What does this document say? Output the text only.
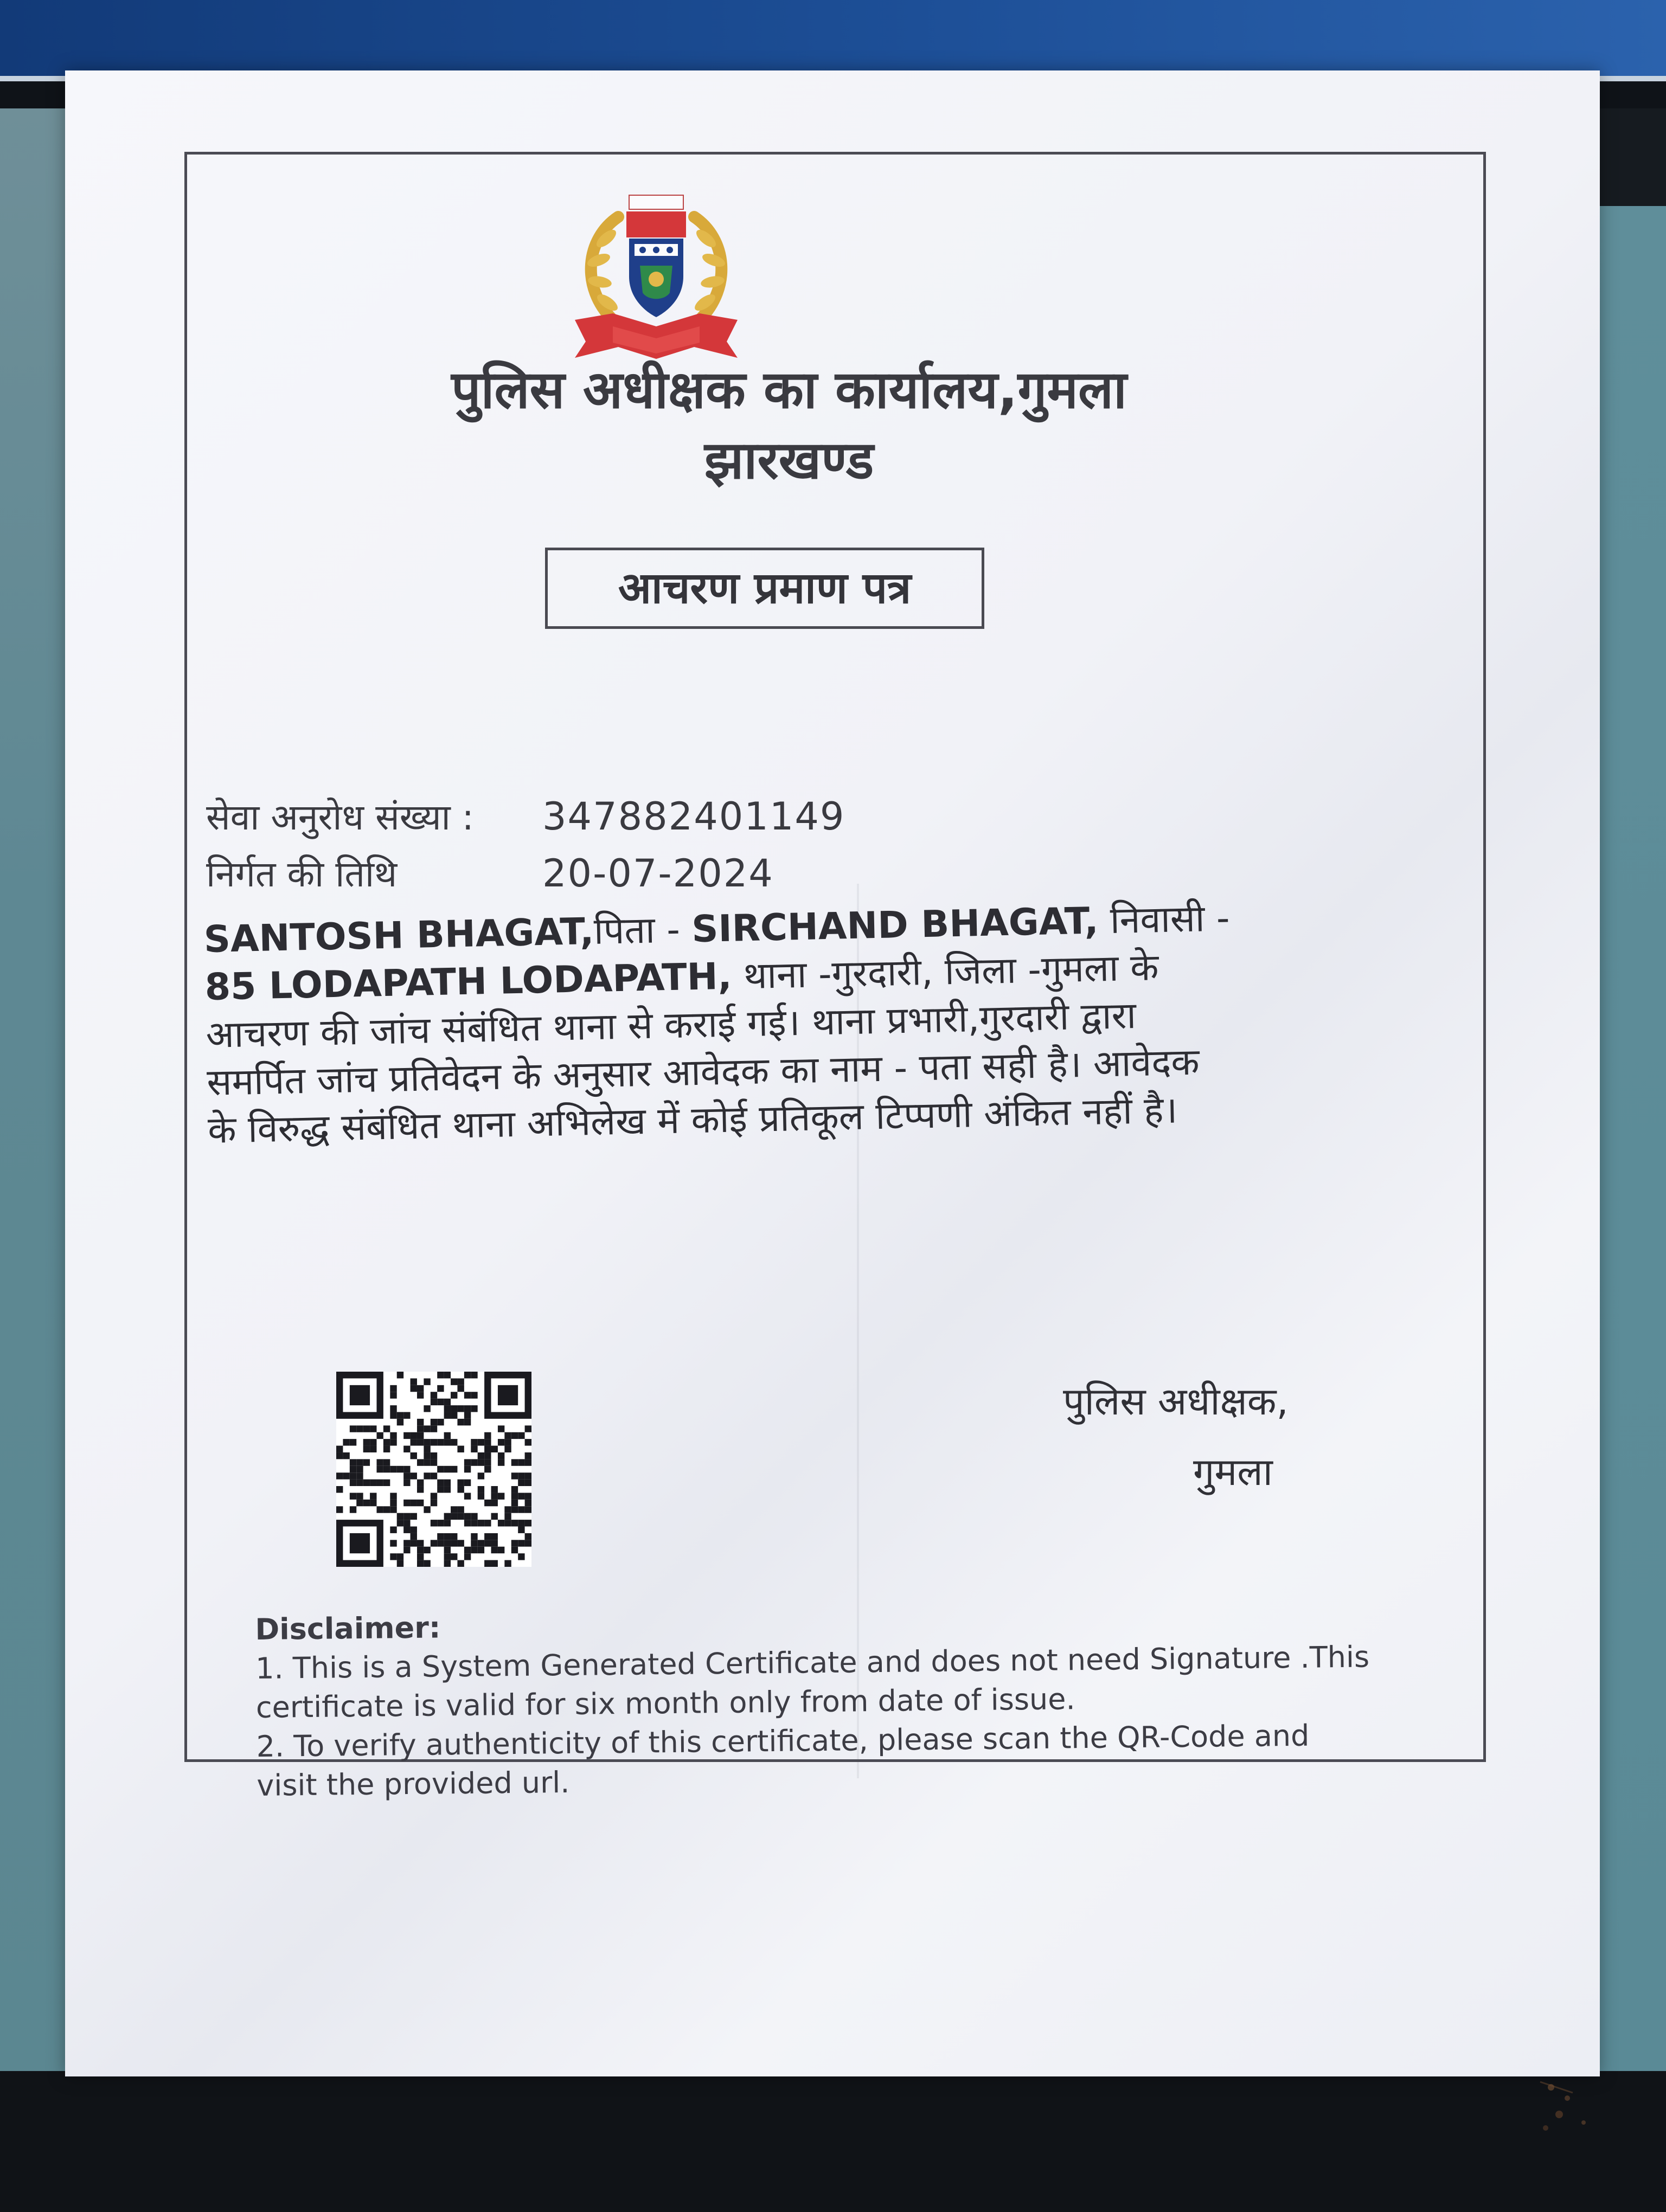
पुलिस अधीक्षक का कार्यालय,गुमला
झारखण्ड
आचरण प्रमाण पत्र
सेवा अनुरोध संख्या : 347882401149
निर्गत की तिथि	20-07-2024
SANTOSH BHAGAT,पिता - SIRCHAND BHAGAT, निवासी -
85 LODAPATH LODAPATH, थाना -गुरदारी, जिला -गुमला के
आचरण की जांच संबंधित थाना से कराई गई। थाना प्रभारी,गुरदारी द्वारा
समर्पित जांच प्रतिवेदन के अनुसार आवेदक का नाम - पता सही है। आवेदक
के विरुद्ध संबंधित थाना अभिलेख में कोई प्रतिकूल टिप्पणी अंकित नहीं है।
पुलिस अधीक्षक,
गुमला
Disclaimer:
1. This is a System Generated Certificate and does not need Signature .This
certificate is valid for six month only from date of issue.
2. To verify authenticity of this certificate, please scan the QR-Code and
visit the provided url.
